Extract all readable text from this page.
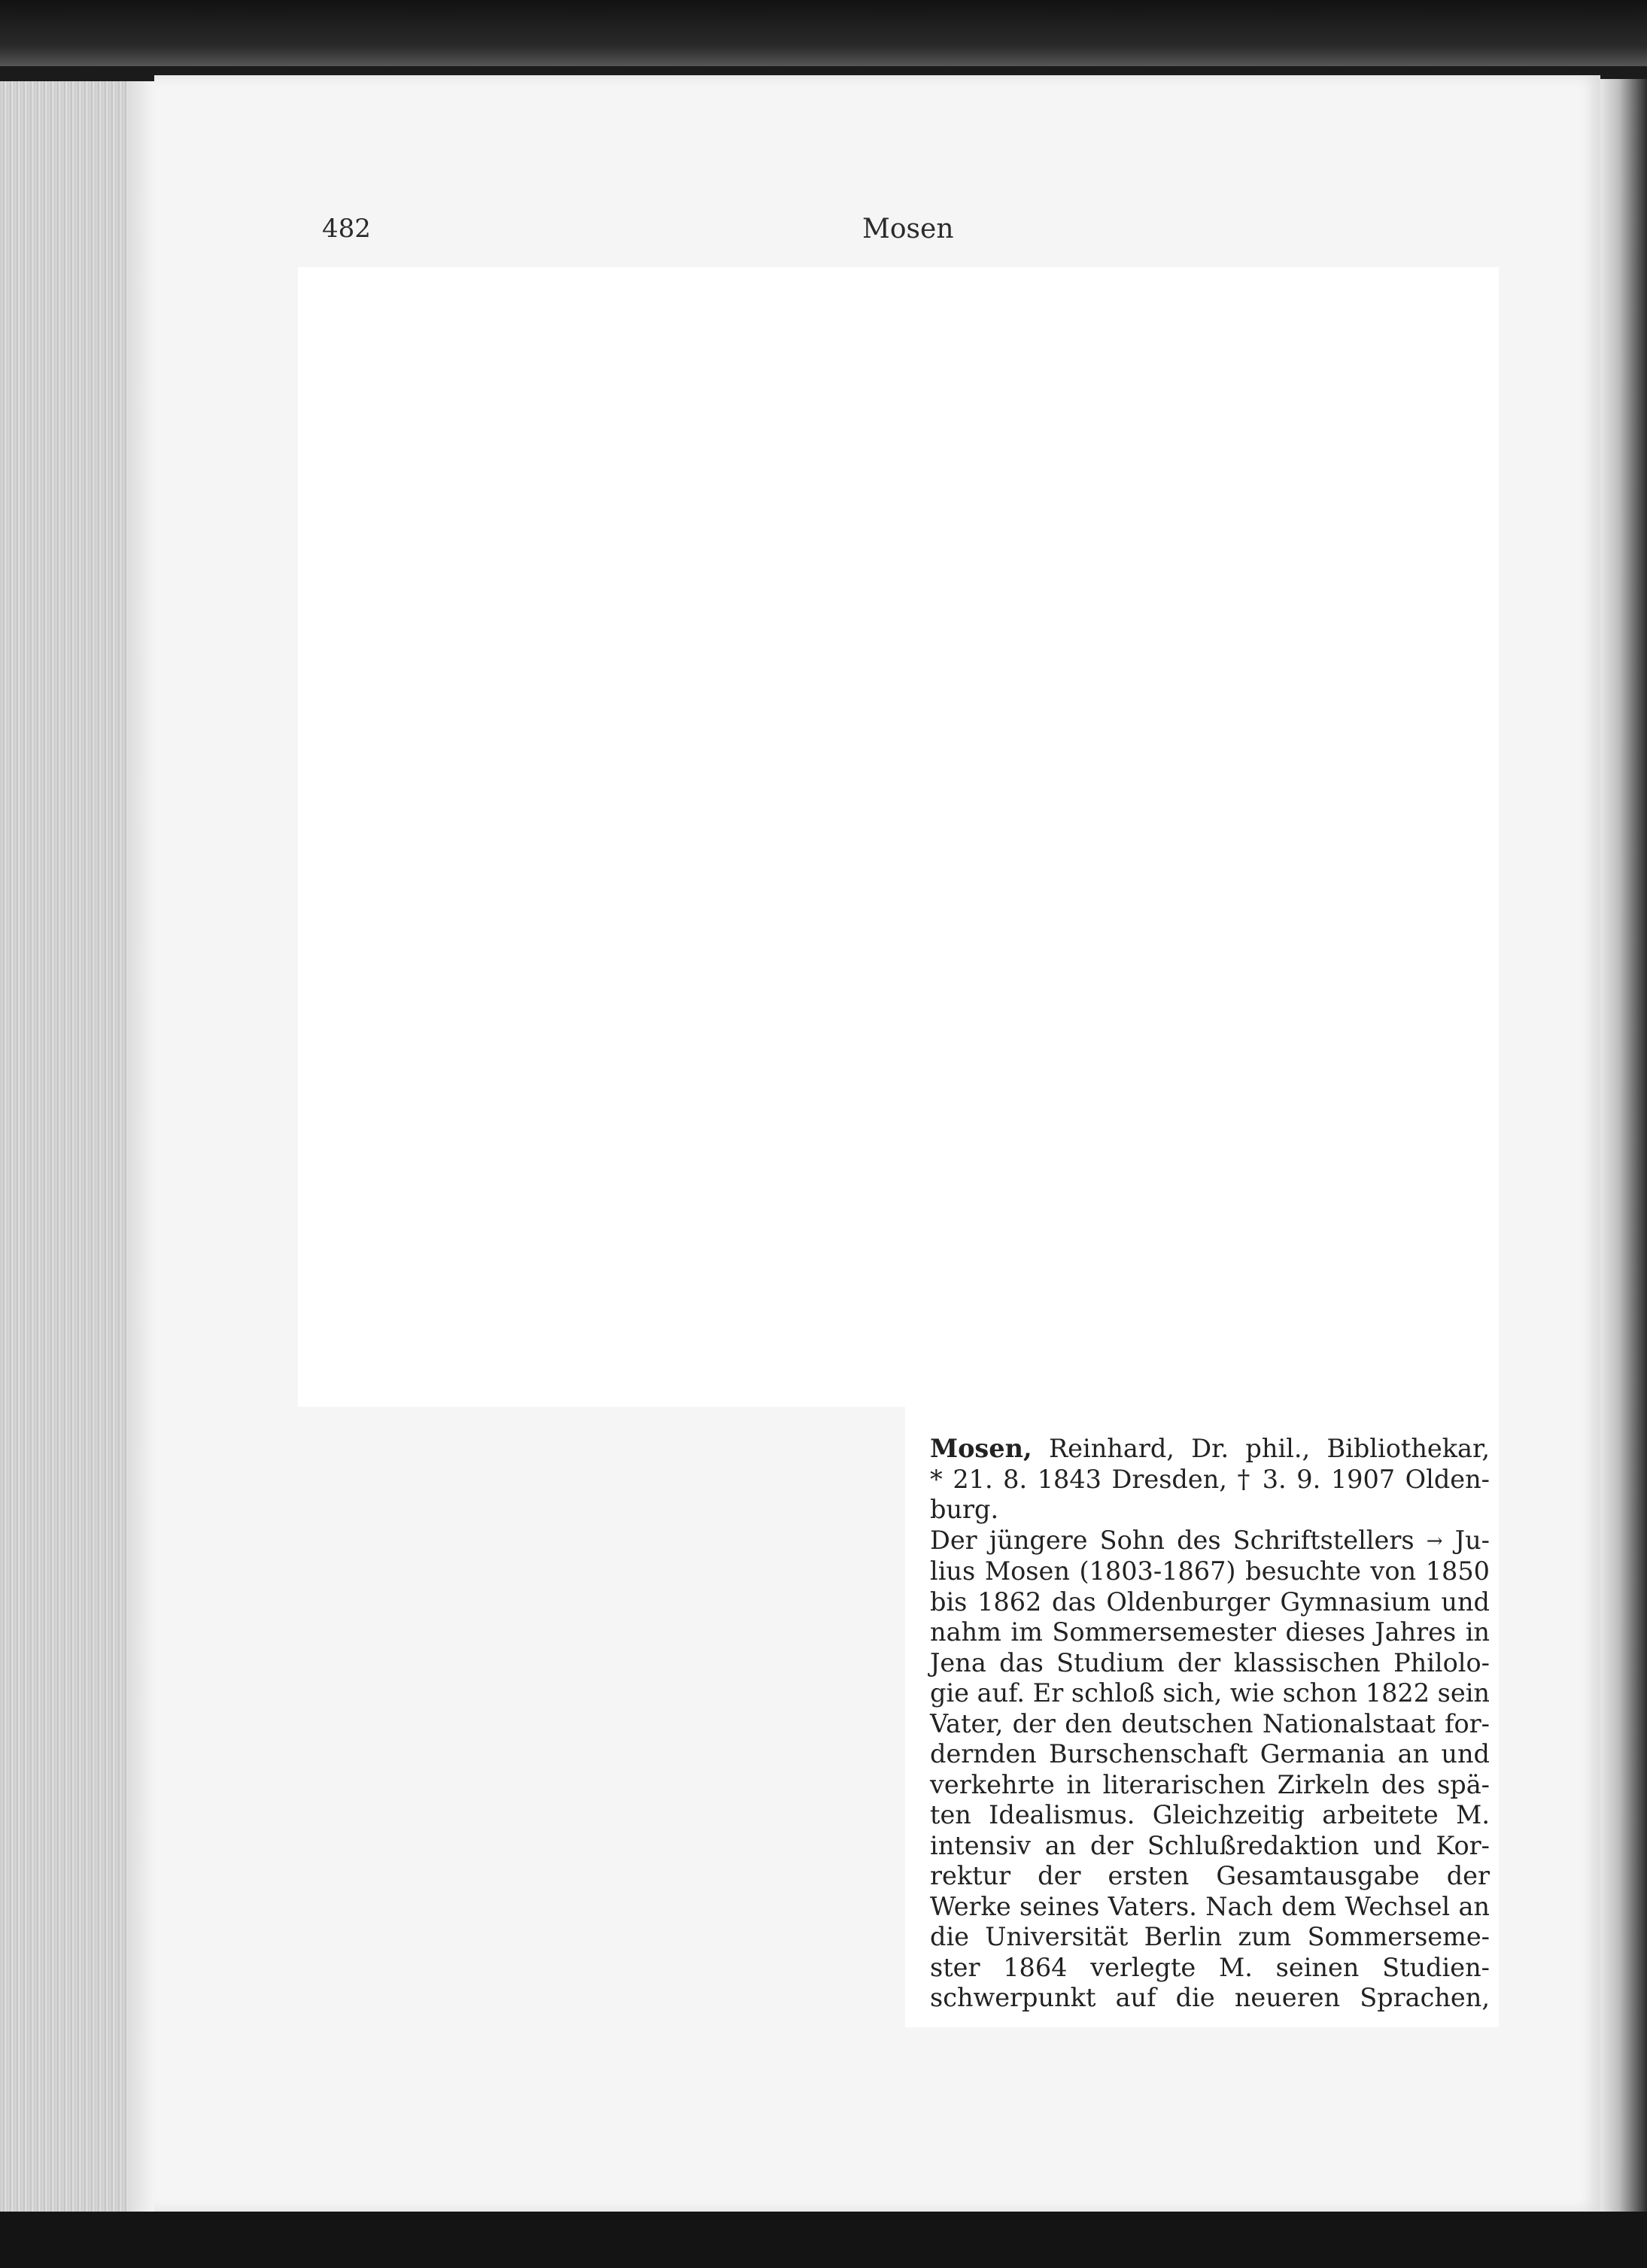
482	Mosen
Mosen, Reinhard, Dr. phil., Bibliothekar,
* 21. 8. 1843 Dresden, † 3. 9. 1907 Olden-
burg.
Der jüngere Sohn des Schriftstellers → Ju-
lius Mosen (1803-1867) besuchte von 1850
bis 1862 das Oldenburger Gymnasium und
nahm im Sommersemester dieses Jahres in
Jena das Studium der klassischen Philolo-
gie auf. Er schloß sich, wie schon 1822 sein
Vater, der den deutschen Nationalstaat for-
dernden Burschenschaft Germania an und
verkehrte in literarischen Zirkeln des spä-
ten Idealismus. Gleichzeitig arbeitete M.
intensiv an der Schlußredaktion und Kor-
rektur der ersten Gesamtausgabe der
Werke seines Vaters. Nach dem Wechsel an
die Universität Berlin zum Sommerseme-
ster 1864 verlegte M. seinen Studien-
schwerpunkt auf die neueren Sprachen,
